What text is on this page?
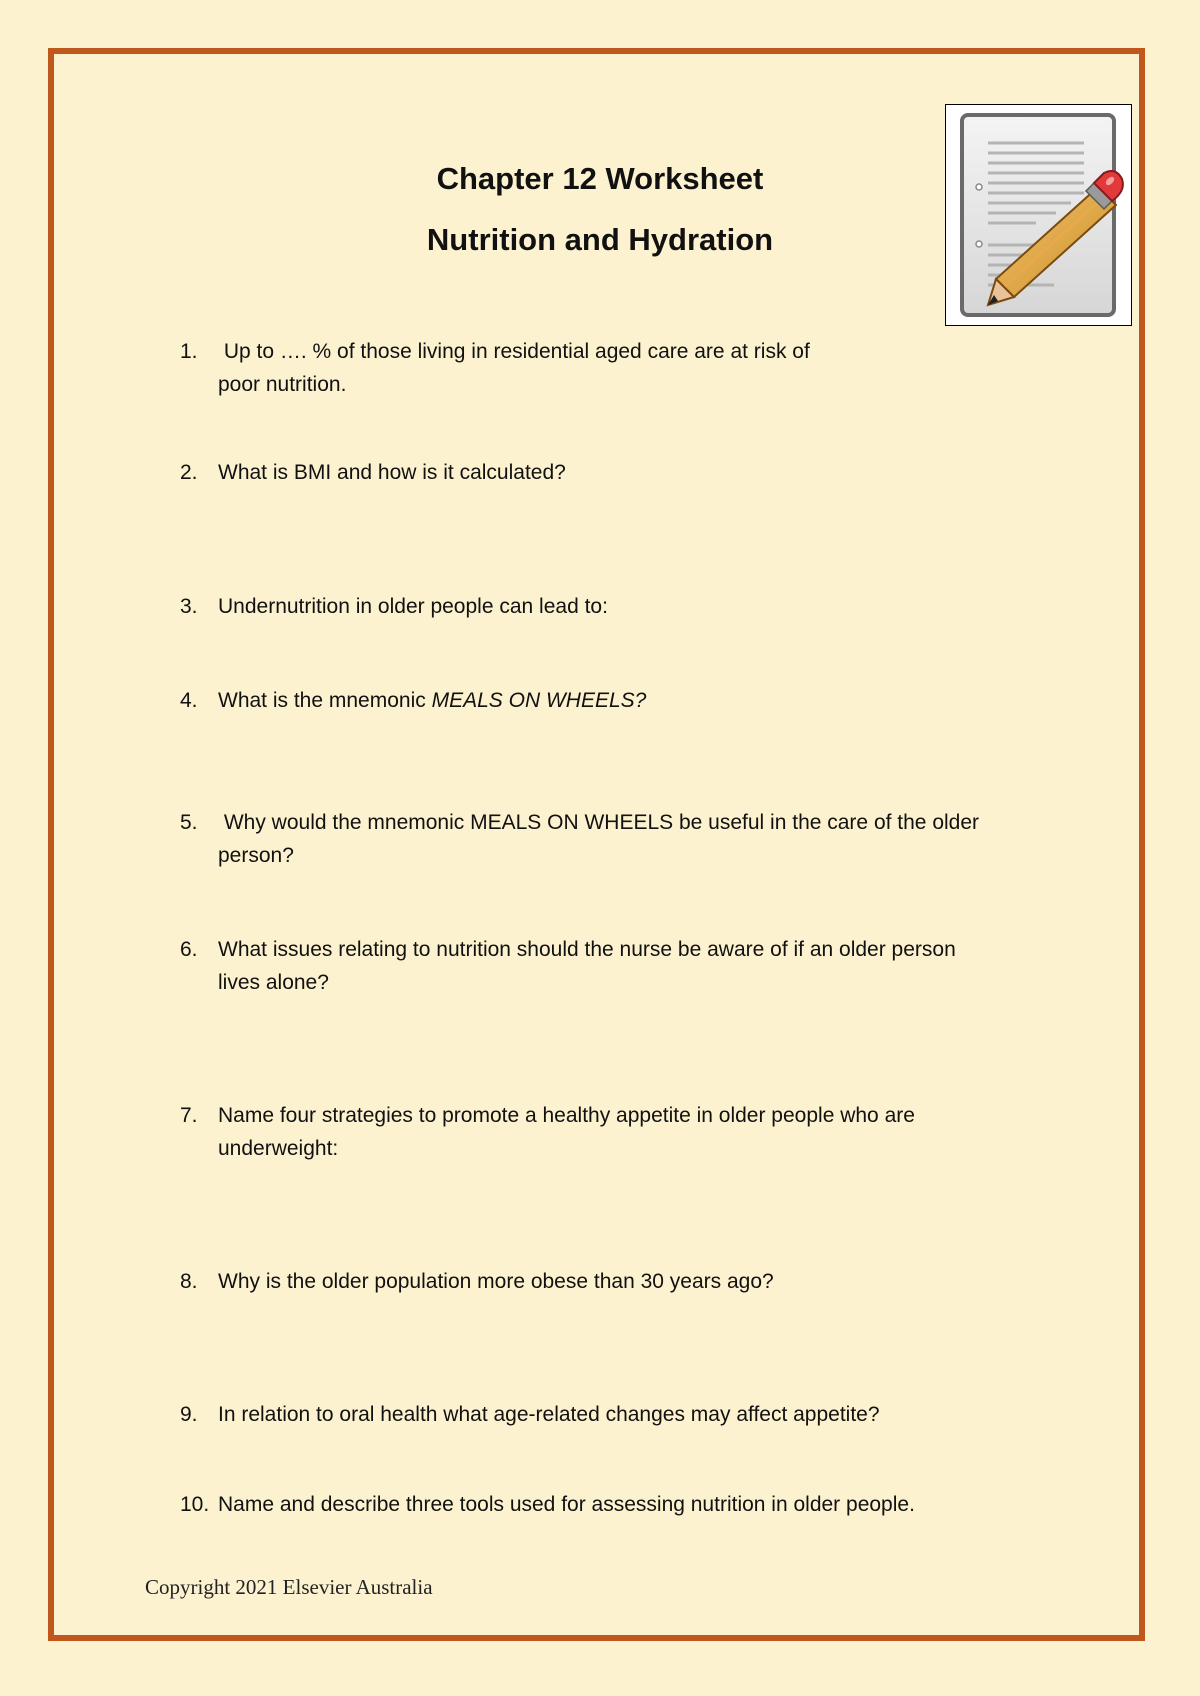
Chapter 12 Worksheet
Nutrition and Hydration
1. Up to …. % of those living in residential aged care are at risk of
poor nutrition.
2. What is BMI and how is it calculated?
3. Undernutrition in older people can lead to:
4. What is the mnemonic MEALS ON WHEELS?
5. Why would the mnemonic MEALS ON WHEELS be useful in the care of the older
person?
6. What issues relating to nutrition should the nurse be aware of if an older person
lives alone?
7. Name four strategies to promote a healthy appetite in older people who are
underweight:
8. Why is the older population more obese than 30 years ago?
9. In relation to oral health what age-related changes may affect appetite?
10. Name and describe three tools used for assessing nutrition in older people.
Copyright 2021 Elsevier Australia
